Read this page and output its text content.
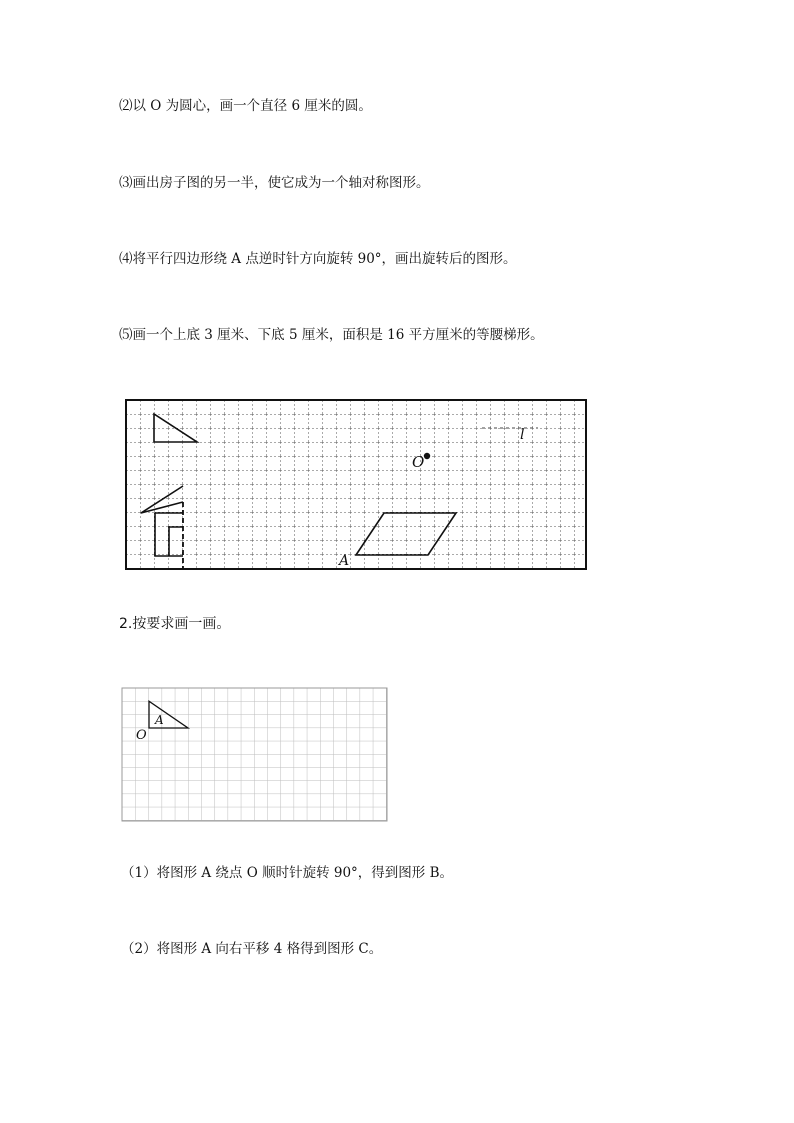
⑵以 O 为圆心，画一个直径 6 厘米的圆。
⑶画出房子图的另一半，使它成为一个轴对称图形。
⑷将平行四边形绕 A 点逆时针方向旋转 90°，画出旋转后的图形。
⑸画一个上底 3 厘米、下底 5 厘米，面积是 16 平方厘米的等腰梯形。
l
O
A
2.按要求画一画。
A
O
（1）将图形 A 绕点 O 顺时针旋转 90°，得到图形 B。
（2）将图形 A 向右平移 4 格得到图形 C。
